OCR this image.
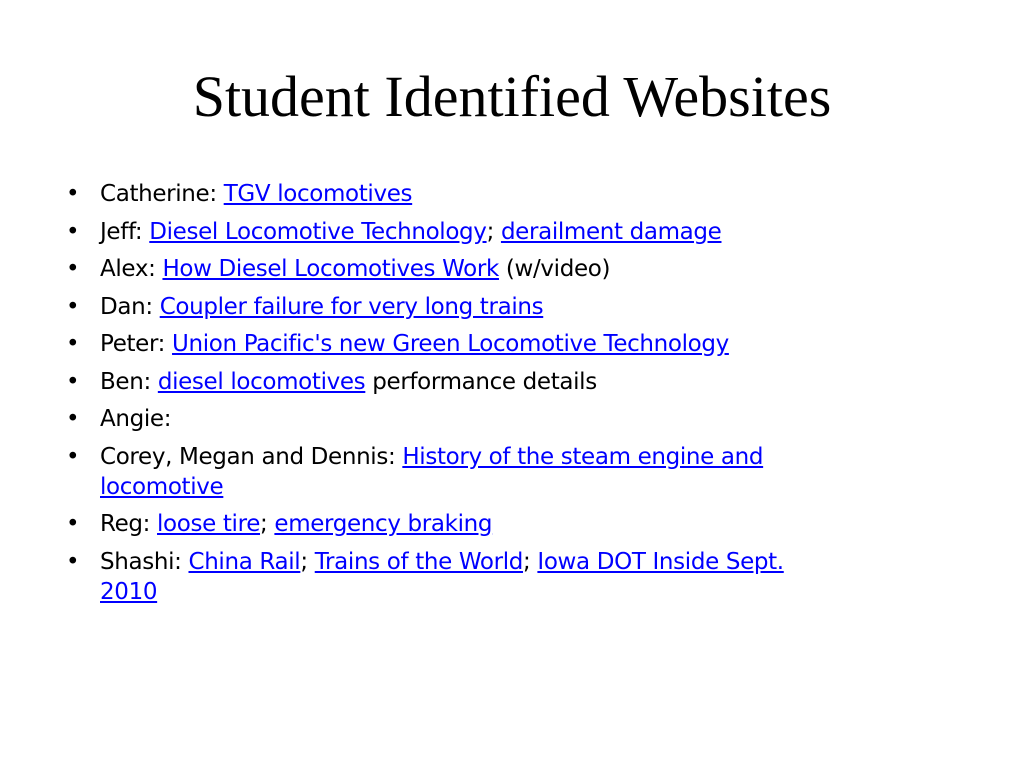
Student Identified Websites
• Catherine: TGV locomotives
• Jeff: Diesel Locomotive Technology; derailment damage
• Alex: How Diesel Locomotives Work (w/video)
• Dan: Coupler failure for very long trains
• Peter: Union Pacific's new Green Locomotive Technology
• Ben: diesel locomotives performance details
• Angie:
• Corey, Megan and Dennis: History of the steam engine and locomotive
• Reg: loose tire; emergency braking
• Shashi: China Rail; Trains of the World; Iowa DOT Inside Sept. 2010
